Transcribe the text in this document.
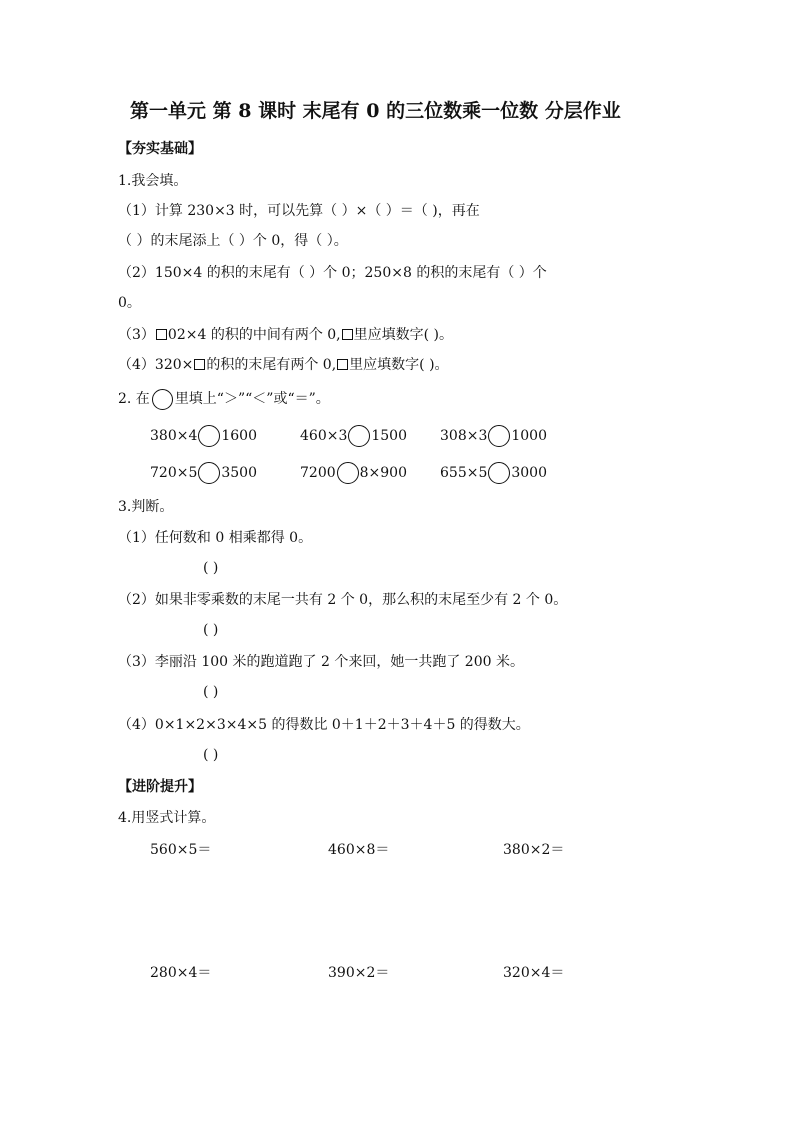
第一单元 第 8 课时 末尾有 0 的三位数乘一位数 分层作业
【夯实基础】
1.我会填。
（1）计算 230×3 时，可以先算（ ）×（ ）＝（ )，再在
（ ）的末尾添上（ ）个 0，得（ ）。
（2）150×4 的积的末尾有（ ）个 0；250×8 的积的末尾有（ ）个
0。
（3） 02×4 的积的中间有两个 0, 里应填数字( )。
（4）320× 的积的末尾有两个 0, 里应填数字( )。
2. 在 里填上“＞”“＜”或“＝”。
380×4 1600	460×3 1500 308×3 1000
720×5 3500	7200 8×900 655×5 3000
3.判断。
（1）任何数和 0 相乘都得 0。
( )
（2）如果非零乘数的末尾一共有 2 个 0，那么积的末尾至少有 2 个 0。
( )
（3）李丽沿 100 米的跑道跑了 2 个来回，她一共跑了 200 米。
( )
（4）0×1×2×3×4×5 的得数比 0＋1＋2＋3＋4＋5 的得数大。
( )
【进阶提升】
4.用竖式计算。
560×5＝	460×8＝	380×2＝
280×4＝	390×2＝	320×4＝
